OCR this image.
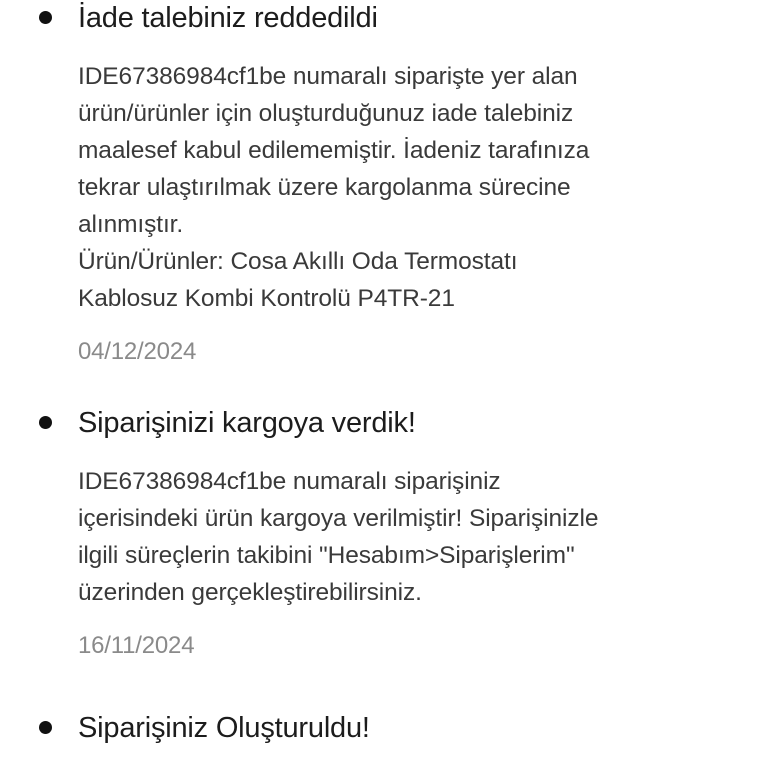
İade talebiniz reddedildi
IDE67386984cf1be numaralı siparişte yer alan
ürün/ürünler için oluşturduğunuz iade talebiniz
maalesef kabul edilememiştir. İadeniz tarafınıza
tekrar ulaştırılmak üzere kargolanma sürecine
alınmıştır.
Ürün/Ürünler: Cosa Akıllı Oda Termostatı
Kablosuz Kombi Kontrolü P4TR-21
04/12/2024
Siparişinizi kargoya verdik!
IDE67386984cf1be numaralı siparişiniz
içerisindeki ürün kargoya verilmiştir! Siparişinizle
ilgili süreçlerin takibini "Hesabım>Siparişlerim"
üzerinden gerçekleştirebilirsiniz.
16/11/2024
Siparişiniz Oluşturuldu!
